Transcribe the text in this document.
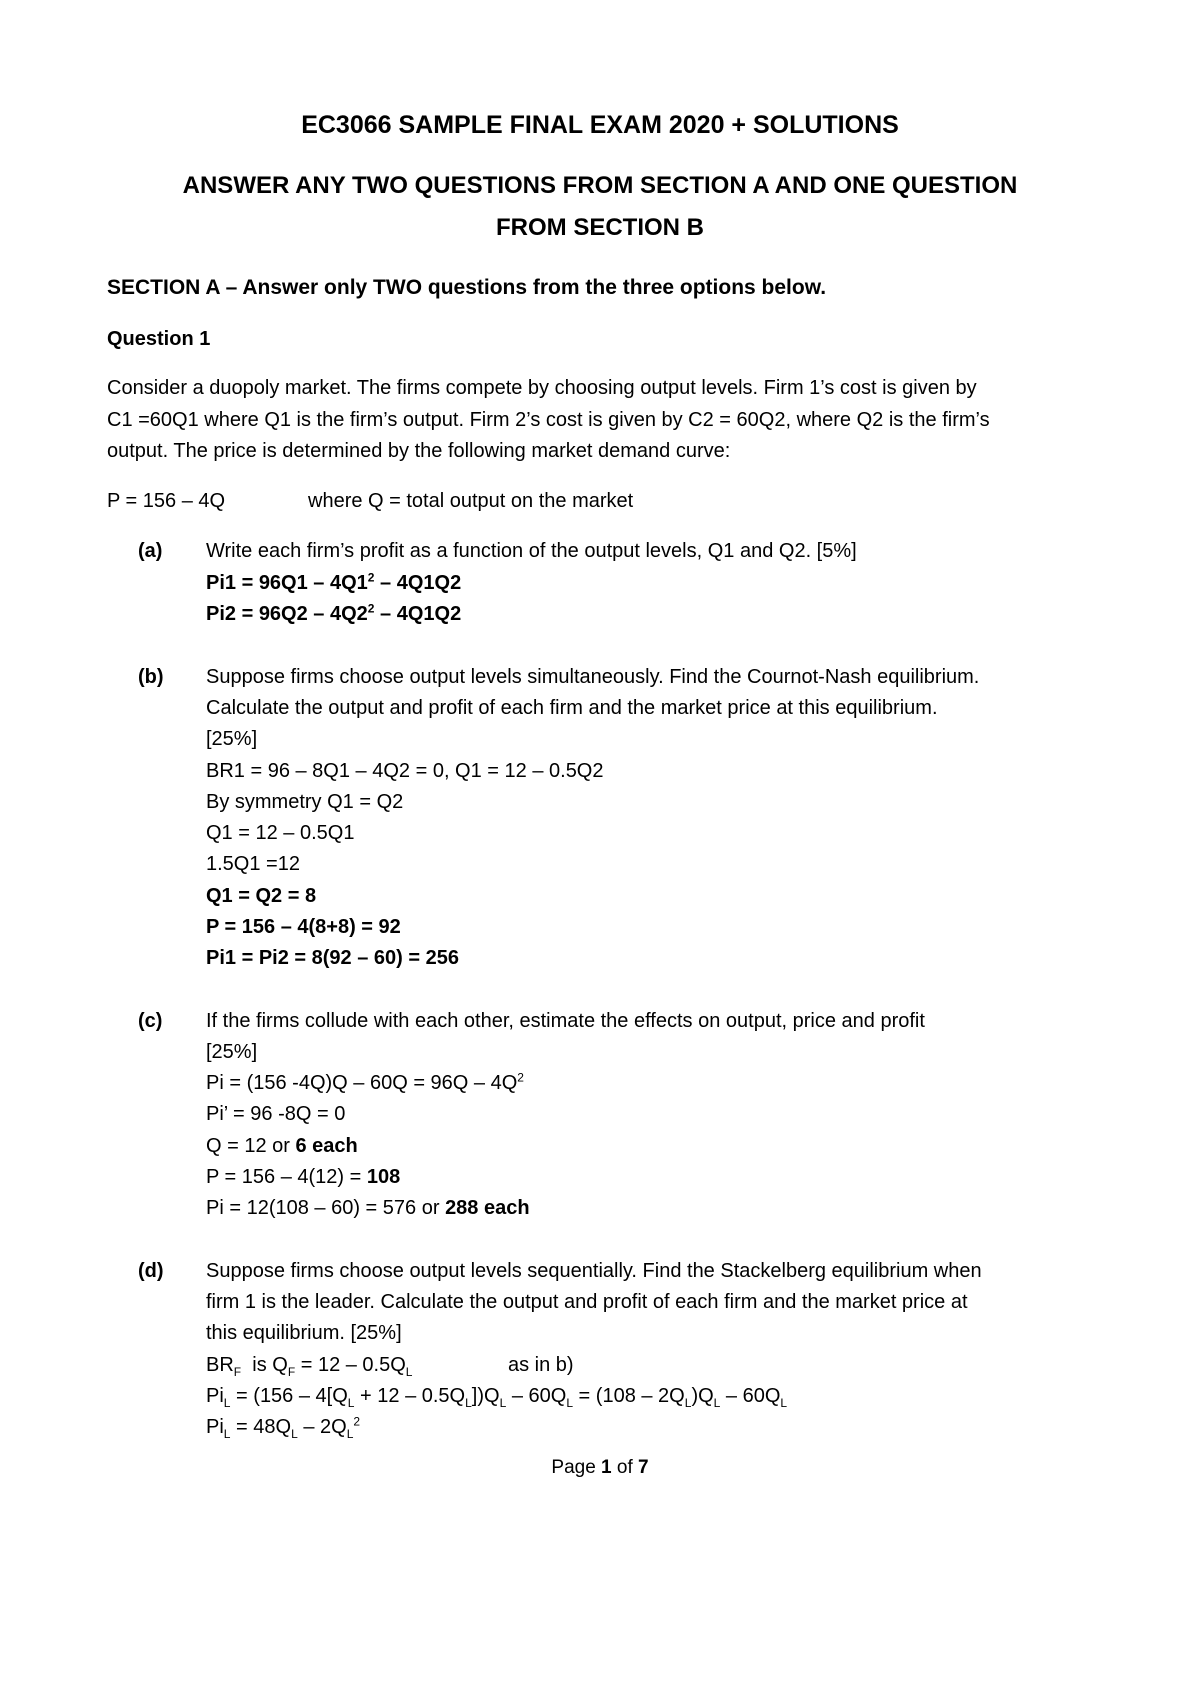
EC3066 SAMPLE FINAL EXAM 2020 + SOLUTIONS
ANSWER ANY TWO QUESTIONS FROM SECTION A AND ONE QUESTION
FROM SECTION B
SECTION A – Answer only TWO questions from the three options below.
Question 1
Consider a duopoly market. The firms compete by choosing output levels. Firm 1’s cost is given by
C1 =60Q1 where Q1 is the firm’s output. Firm 2’s cost is given by C2 = 60Q2, where Q2 is the firm’s
output. The price is determined by the following market demand curve:
P = 156 – 4Q	where Q = total output on the market
(a) Write each firm’s profit as a function of the output levels, Q1 and Q2. [5%]
$Pi1 = 96Q1 - 4Q1^2 - 4Q1Q2$
$Pi2 = 96Q2 - 4Q2^2 - 4Q1Q2$
(b) Suppose firms choose output levels simultaneously. Find the Cournot-Nash equilibrium.
Calculate the output and profit of each firm and the market price at this equilibrium.
[25%]
BR1 = 96 – 8Q1 – 4Q2 = 0, Q1 = 12 – 0.5Q2
By symmetry Q1 = Q2
Q1 = 12 – 0.5Q1
1.5Q1 =12
Q1 = Q2 = 8
P = 156 – 4(8+8) = 92
Pi1 = Pi2 = 8(92 – 60) = 256
(c) If the firms collude with each other, estimate the effects on output, price and profit
[25%]
Pi = (156 $-4Q)Q - 60Q = 96Q - 4Q^2$
Pi’ = 96 -8Q = 0
Q = 12 or 6 each
P = 156 – 4(12) = 108
Pi = 12(108 – 60) = 576 or 288 each
(d) Suppose firms choose output levels sequentially. Find the Stackelberg equilibrium when
firm 1 is the leader. Calculate the output and profit of each firm and the market price at
this equilibrium. [25%]
$BR_F$  is $Q_F = 12 - 0.5Q_L$	as in b)
$Pi_L = (156 - 4[Q_L + 12 - 0.5Q_L])Q_L - 60Q_L = (108 - 2Q_L)Q_L - 60Q_L$
$Pi_L = 48Q_L - 2Q_L^2$
Page 1 of 7
